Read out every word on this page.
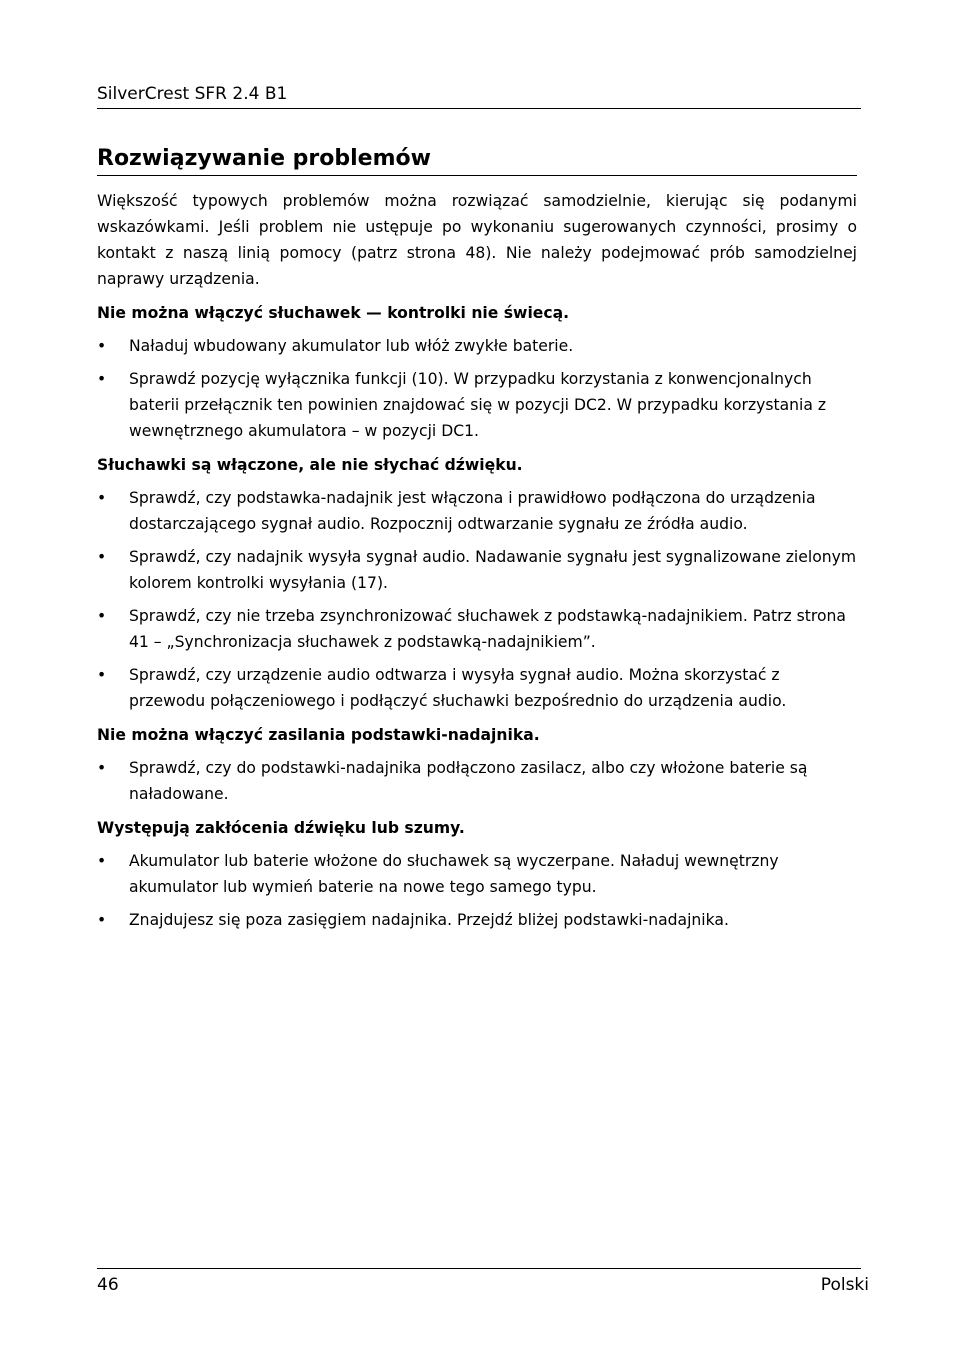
SilverCrest SFR 2.4 B1
Rozwiązywanie problemów

Większość typowych problemów można rozwiązać samodzielnie, kierując się podanymi wskazówkami. Jeśli problem nie ustępuje po wykonaniu sugerowanych czynności, prosimy o kontakt z naszą linią pomocy (patrz strona 48). Nie należy podejmować prób samodzielnej naprawy urządzenia.

Nie można włączyć słuchawek — kontrolki nie świecą.
• Naładuj wbudowany akumulator lub włóż zwykłe baterie.
• Sprawdź pozycję wyłącznika funkcji (10). W przypadku korzystania z konwencjonalnych baterii przełącznik ten powinien znajdować się w pozycji DC2. W przypadku korzystania z wewnętrznego akumulatora – w pozycji DC1.
Słuchawki są włączone, ale nie słychać dźwięku.
• Sprawdź, czy podstawka-nadajnik jest włączona i prawidłowo podłączona do urządzenia dostarczającego sygnał audio. Rozpocznij odtwarzanie sygnału ze źródła audio.
• Sprawdź, czy nadajnik wysyła sygnał audio. Nadawanie sygnału jest sygnalizowane zielonym kolorem kontrolki wysyłania (17).
• Sprawdź, czy nie trzeba zsynchronizować słuchawek z podstawką-nadajnikiem. Patrz strona 41 – „Synchronizacja słuchawek z podstawką-nadajnikiem”.
• Sprawdź, czy urządzenie audio odtwarza i wysyła sygnał audio. Można skorzystać z przewodu połączeniowego i podłączyć słuchawki bezpośrednio do urządzenia audio.
Nie można włączyć zasilania podstawki-nadajnika.
• Sprawdź, czy do podstawki-nadajnika podłączono zasilacz, albo czy włożone baterie są naładowane.
Występują zakłócenia dźwięku lub szumy.
• Akumulator lub baterie włożone do słuchawek są wyczerpane. Naładuj wewnętrzny akumulator lub wymień baterie na nowe tego samego typu.
• Znajdujesz się poza zasięgiem nadajnika. Przejdź bliżej podstawki-nadajnika.
46	Polski
